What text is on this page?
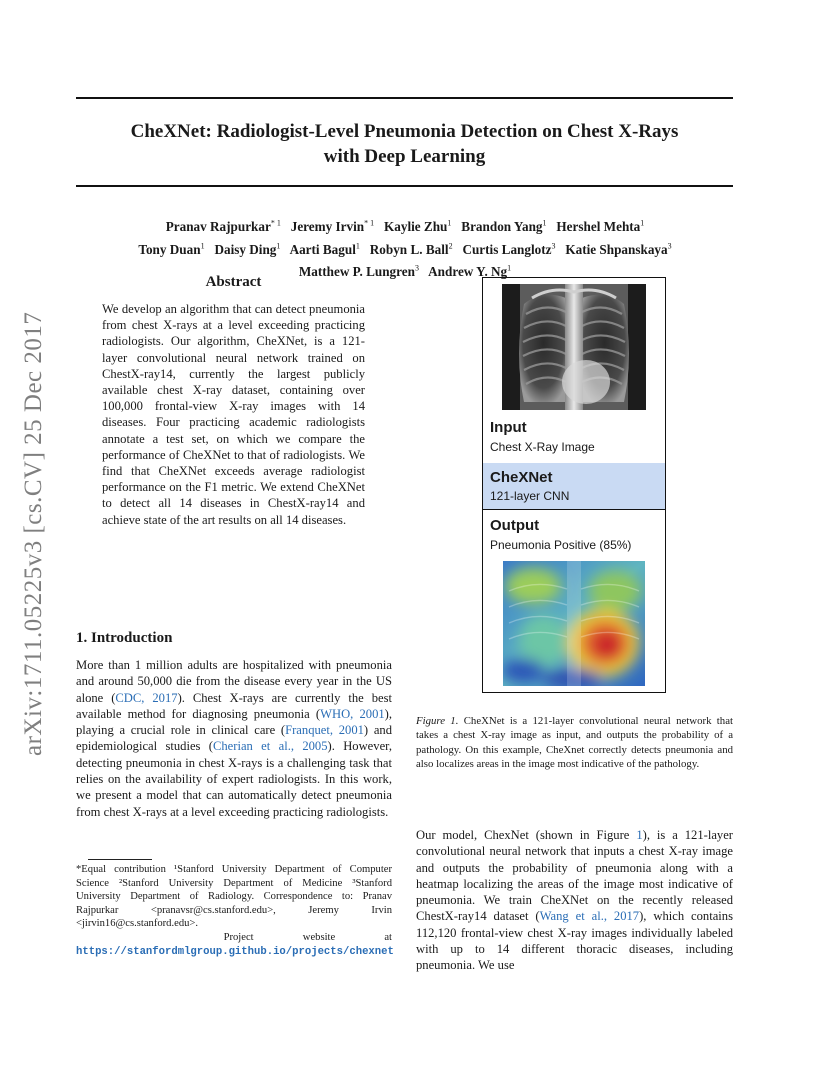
CheXNet: Radiologist-Level Pneumonia Detection on Chest X-Rays
with Deep Learning
Pranav Rajpurkar$^{* 1}$ Jeremy Irvin$^{* 1}$ Kaylie Zhu$^1$ Brandon Yang$^1$ Hershel Mehta$^1$
Tony Duan$^1$ Daisy Ding$^1$ Aarti Bagul$^1$ Robyn L. Ball$^2$ Curtis Langlotz$^3$ Katie Shpanskaya$^3$
Matthew P. Lungren$^3$ Andrew Y. Ng$^1$
arXiv:1711.05225v3 [cs.CV] 25 Dec 2017
Abstract
We develop an algorithm that can detect pneumonia from chest X-rays at a level exceeding practicing radiologists. Our algorithm, CheXNet, is a 121-layer convolutional neural network trained on ChestX-ray14, currently the largest publicly available chest X-ray dataset, containing over 100,000 frontal-view X-ray images with 14 diseases. Four practicing academic radiologists annotate a test set, on which we compare the performance of CheXNet to that of radiologists. We find that CheXNet exceeds average radiologist performance on the F1 metric. We extend CheXNet to detect all 14 diseases in ChestX-ray14 and achieve state of the art results on all 14 diseases.
1. Introduction
More than 1 million adults are hospitalized with pneumonia and around 50,000 die from the disease every year in the US alone (CDC, 2017). Chest X-rays are currently the best available method for diagnosing pneumonia (WHO, 2001), playing a crucial role in clinical care (Franquet, 2001) and epidemiological studies (Cherian et al., 2005). However, detecting pneumonia in chest X-rays is a challenging task that relies on the availability of expert radiologists. In this work, we present a model that can automatically detect pneumonia from chest X-rays at a level exceeding practicing radiologists.
*Equal contribution ¹Stanford University Department of Computer Science ²Stanford University Department of Medicine ³Stanford University Department of Radiology. Correspondence to: Pranav Rajpurkar <pranavsr@cs.stanford.edu>, Jeremy Irvin <jirvin16@cs.stanford.edu>.
Project website at https://stanfordmlgroup.github.io/projects/chexnet
Input
Chest X-Ray Image
CheXNet
121-layer CNN
Output
Pneumonia Positive (85%)
Figure 1. CheXNet is a 121-layer convolutional neural network that takes a chest X-ray image as input, and outputs the probability of a pathology. On this example, CheXnet correctly detects pneumonia and also localizes areas in the image most indicative of the pathology.
Our model, ChexNet (shown in Figure 1), is a 121-layer convolutional neural network that inputs a chest X-ray image and outputs the probability of pneumonia along with a heatmap localizing the areas of the image most indicative of pneumonia. We train CheXNet on the recently released ChestX-ray14 dataset (Wang et al., 2017), which contains 112,120 frontal-view chest X-ray images individually labeled with up to 14 different thoracic diseases, including pneumonia. We use
